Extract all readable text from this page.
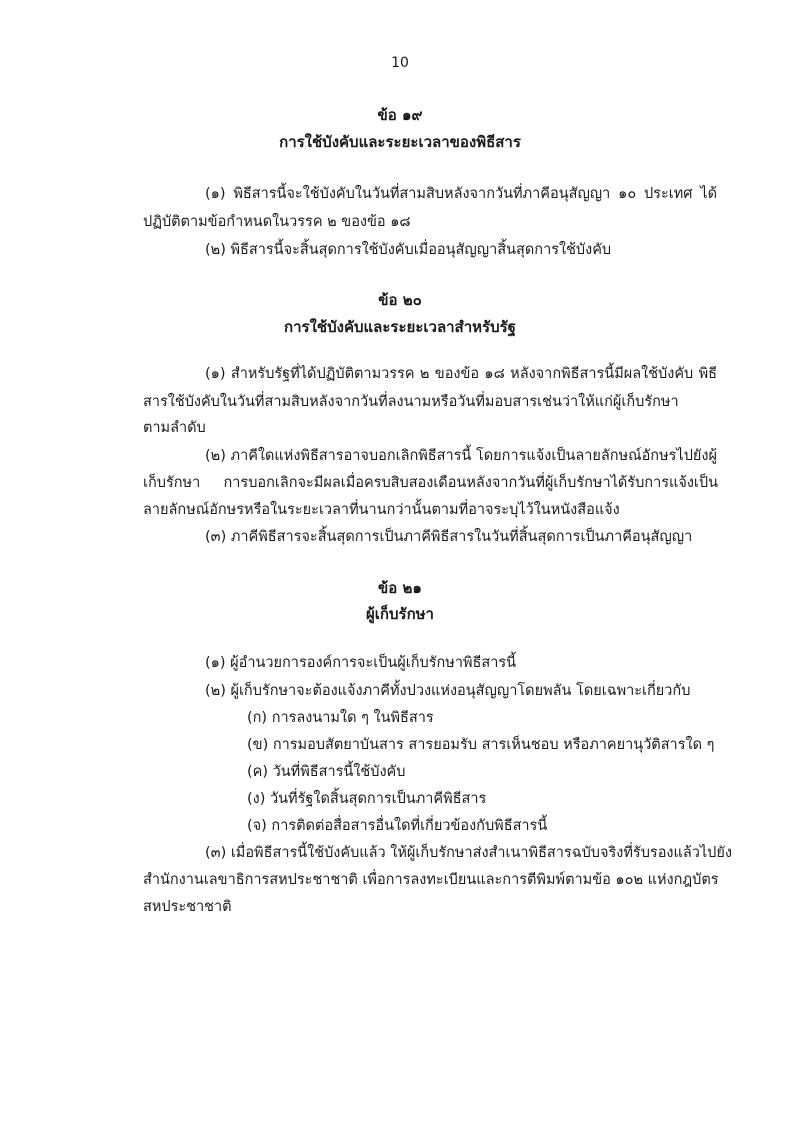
10
ข้อ ๑๙
การใช้บังคับและระยะเวลาของพิธีสาร
(๑) พิธีสารนี้จะใช้บังคับในวันที่สามสิบหลังจากวันที่ภาคีอนุสัญญา ๑๐ ประเทศ ได้
ปฏิบัติตามข้อกำหนดในวรรค ๒ ของข้อ ๑๘
(๒) พิธีสารนี้จะสิ้นสุดการใช้บังคับเมื่ออนุสัญญาสิ้นสุดการใช้บังคับ
ข้อ ๒๐
การใช้บังคับและระยะเวลาสำหรับรัฐ
(๑) สำหรับรัฐที่ได้ปฏิบัติตามวรรค ๒ ของข้อ ๑๘ หลังจากพิธีสารนี้มีผลใช้บังคับ พิธี
สารใช้บังคับในวันที่สามสิบหลังจากวันที่ลงนามหรือวันที่มอบสารเช่นว่าให้แก่ผู้เก็บรักษา
ตามลำดับ
(๒) ภาคีใดแห่งพิธีสารอาจบอกเลิกพิธีสารนี้ โดยการแจ้งเป็นลายลักษณ์อักษรไปยังผู้
เก็บรักษา การบอกเลิกจะมีผลเมื่อครบสิบสองเดือนหลังจากวันที่ผู้เก็บรักษาได้รับการแจ้งเป็น
ลายลักษณ์อักษรหรือในระยะเวลาที่นานกว่านั้นตามที่อาจระบุไว้ในหนังสือแจ้ง
(๓) ภาคีพิธีสารจะสิ้นสุดการเป็นภาคีพิธีสารในวันที่สิ้นสุดการเป็นภาคีอนุสัญญา
ข้อ ๒๑
ผู้เก็บรักษา
(๑) ผู้อำนวยการองค์การจะเป็นผู้เก็บรักษาพิธีสารนี้
(๒) ผู้เก็บรักษาจะต้องแจ้งภาคีทั้งปวงแห่งอนุสัญญาโดยพลัน โดยเฉพาะเกี่ยวกับ
(ก) การลงนามใด ๆ ในพิธีสาร
(ข) การมอบสัตยาบันสาร สารยอมรับ สารเห็นชอบ หรือภาคยานุวัติสารใด ๆ
(ค) วันที่พิธีสารนี้ใช้บังคับ
(ง) วันที่รัฐใดสิ้นสุดการเป็นภาคีพิธีสาร
(จ) การติดต่อสื่อสารอื่นใดที่เกี่ยวข้องกับพิธีสารนี้
(๓) เมื่อพิธีสารนี้ใช้บังคับแล้ว ให้ผู้เก็บรักษาส่งสำเนาพิธีสารฉบับจริงที่รับรองแล้วไปยัง
สำนักงานเลขาธิการสหประชาชาติ เพื่อการลงทะเบียนและการตีพิมพ์ตามข้อ ๑๐๒ แห่งกฎบัตร
สหประชาชาติ
